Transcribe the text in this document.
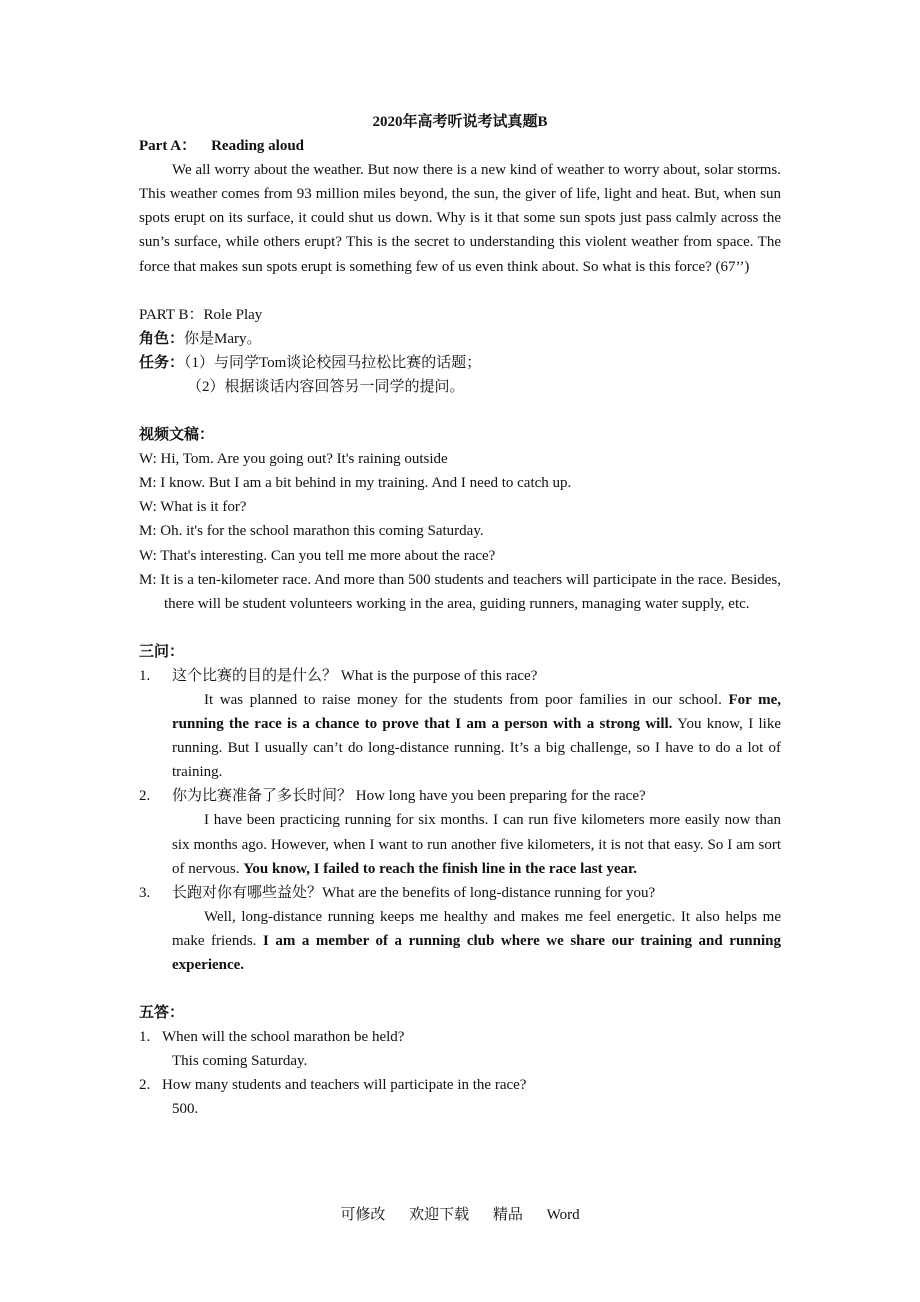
2020年高考听说考试真题B

Part A： Reading aloud

We all worry about the weather. But now there is a new kind of weather to worry about, solar storms. This weather comes from 93 million miles beyond, the sun, the giver of life, light and heat. But, when sun spots erupt on its surface, it could shut us down. Why is it that some sun spots just pass calmly across the sun’s surface, while others erupt? This is the secret to understanding this violent weather from space. The force that makes sun spots erupt is something few of us even think about. So what is this force? (67’’)

PART B：Role Play

角色：你是Mary。

任务：（1）与同学Tom谈论校园马拉松比赛的话题；

（2）根据谈话内容回答另一同学的提问。

视频文稿：

W: Hi, Tom. Are you going out? It's raining outside

M: I know. But I am a bit behind in my training. And I need to catch up.

W: What is it for?

M: Oh. it's for the school marathon this coming Saturday.

W: That's interesting. Can you tell me more about the race?

M: It is a ten-kilometer race. And more than 500 students and teachers will participate in the race. Besides, there will be student volunteers working in the area, guiding runners, managing water supply, etc.

三问：

1.	这个比赛的目的是什么？ What is the purpose of this race?
It was planned to raise money for the students from poor families in our school. For me, running the race is a chance to prove that I am a person with a strong will. You know, I like running. But I usually can’t do long-distance running. It’s a big challenge, so I have to do a lot of training.
2.	你为比赛准备了多长时间？ How long have you been preparing for the race?
I have been practicing running for six months. I can run five kilometers more easily now than six months ago. However, when I want to run another five kilometers, it is not that easy. So I am sort of nervous. You know, I failed to reach the finish line in the race last year.
3.	长跑对你有哪些益处？What are the benefits of long-distance running for you?
Well, long-distance running keeps me healthy and makes me feel energetic. It also helps me make friends. I am a member of a running club where we share our training and running experience.

五答：

1. When will the school marathon be held?

This coming Saturday.

2. How many students and teachers will participate in the race?

500.

可修改 欢迎下载 精品 Word
